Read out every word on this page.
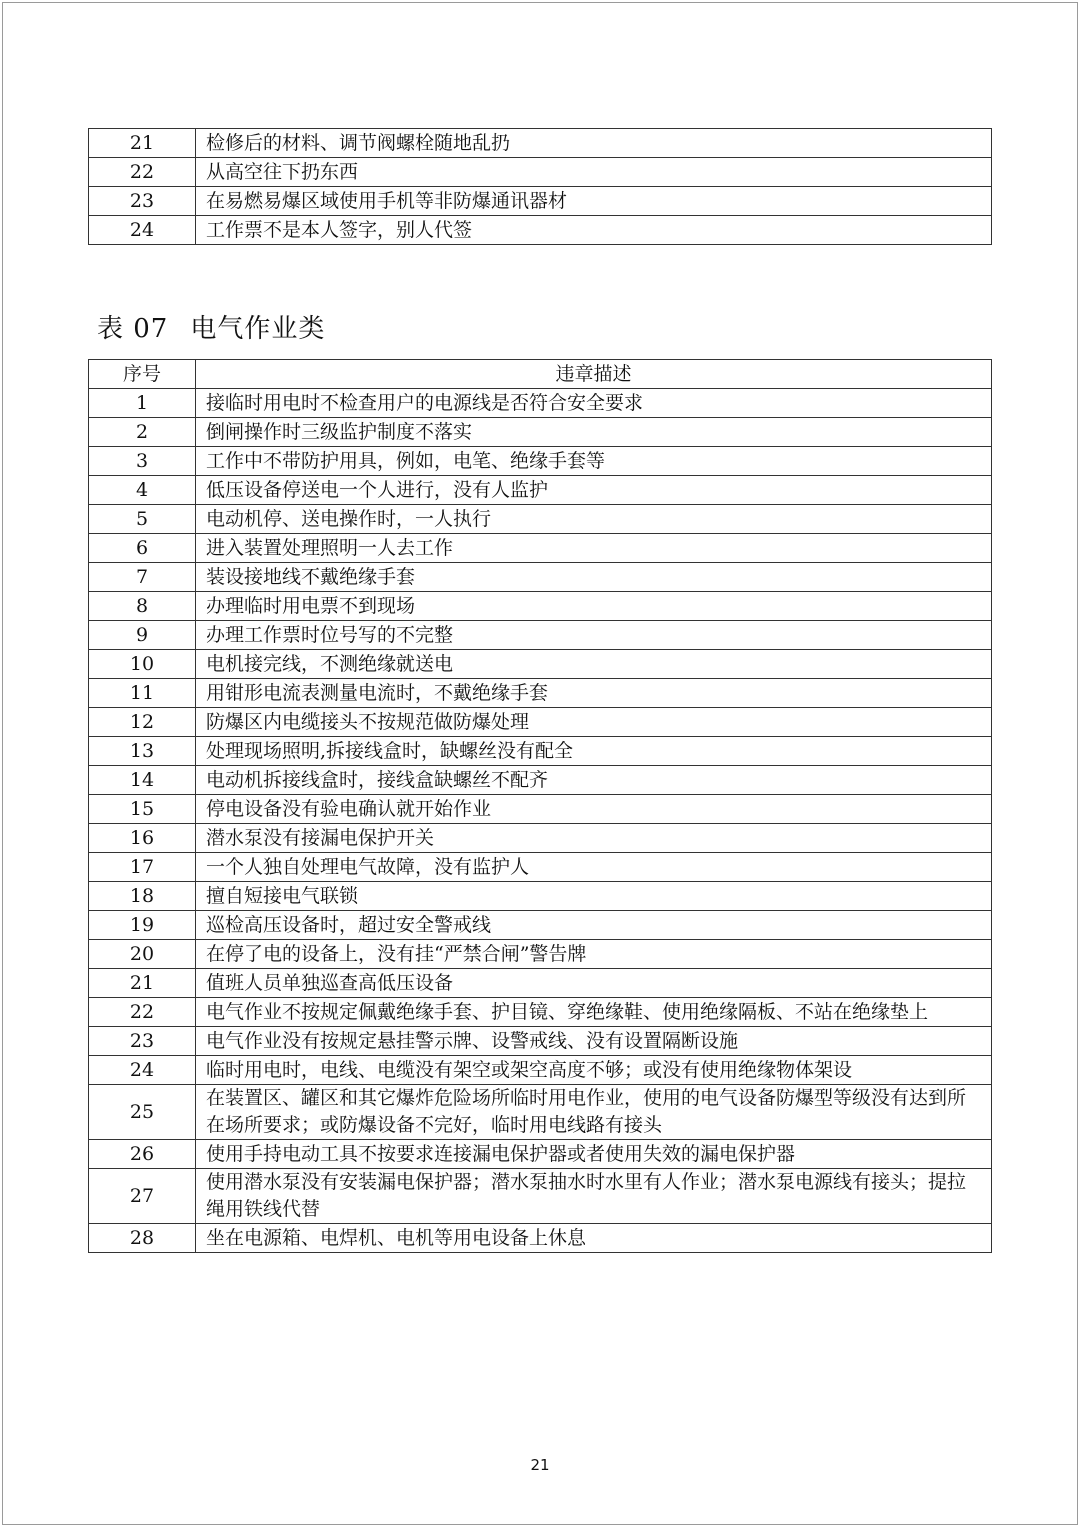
21	检修后的材料、调节阀螺栓随地乱扔
22	从高空往下扔东西
23	在易燃易爆区域使用手机等非防爆通讯器材
24	工作票不是本人签字，别人代签
表 07 电气作业类
序号	违章描述
1	接临时用电时不检查用户的电源线是否符合安全要求
2	倒闸操作时三级监护制度不落实
3	工作中不带防护用具，例如，电笔、绝缘手套等
4	低压设备停送电一个人进行，没有人监护
5	电动机停、送电操作时，一人执行
6	进入装置处理照明一人去工作
7	装设接地线不戴绝缘手套
8	办理临时用电票不到现场
9	办理工作票时位号写的不完整
10	电机接完线，不测绝缘就送电
11	用钳形电流表测量电流时，不戴绝缘手套
12	防爆区内电缆接头不按规范做防爆处理
13	处理现场照明,拆接线盒时，缺螺丝没有配全
14	电动机拆接线盒时，接线盒缺螺丝不配齐
15	停电设备没有验电确认就开始作业
16	潜水泵没有接漏电保护开关
17	一个人独自处理电气故障，没有监护人
18	擅自短接电气联锁
19	巡检高压设备时，超过安全警戒线
20	在停了电的设备上，没有挂“严禁合闸”警告牌
21	值班人员单独巡查高低压设备
22	电气作业不按规定佩戴绝缘手套、护目镜、穿绝缘鞋、使用绝缘隔板、不站在绝缘垫上
23	电气作业没有按规定悬挂警示牌、设警戒线、没有设置隔断设施
24	临时用电时，电线、电缆没有架空或架空高度不够；或没有使用绝缘物体架设
25	在装置区、罐区和其它爆炸危险场所临时用电作业，使用的电气设备防爆型等级没有达到所在场所要求；或防爆设备不完好，临时用电线路有接头
26	使用手持电动工具不按要求连接漏电保护器或者使用失效的漏电保护器
27	使用潜水泵没有安装漏电保护器；潜水泵抽水时水里有人作业；潜水泵电源线有接头；提拉绳用铁线代替
28	坐在电源箱、电焊机、电机等用电设备上休息
21
